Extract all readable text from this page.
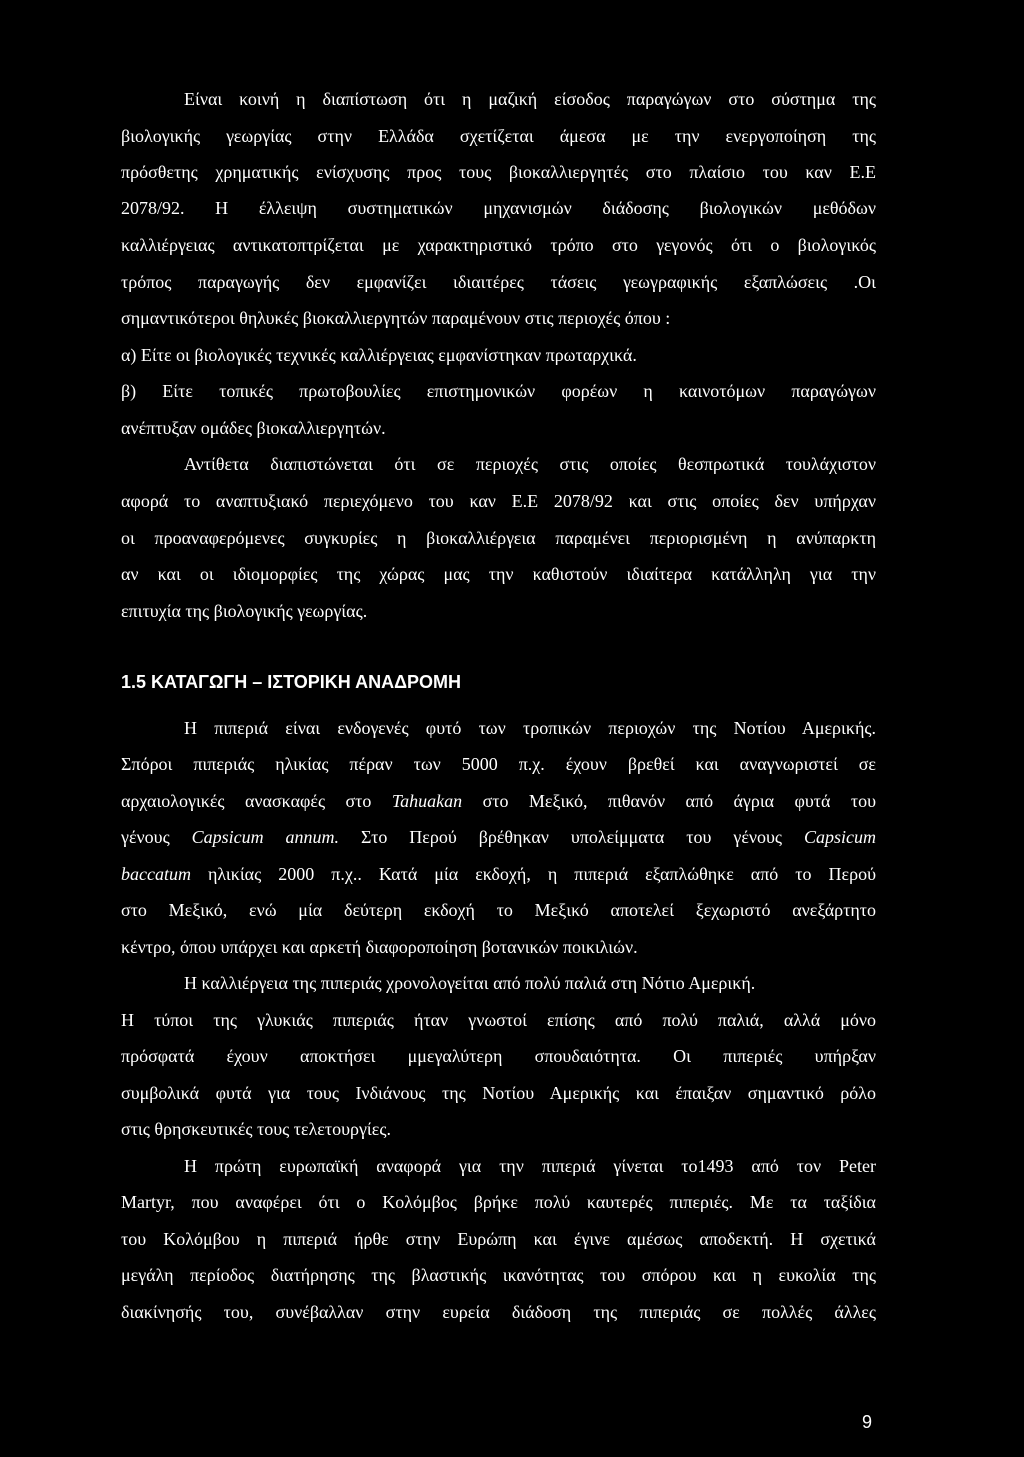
Είναι κοινή η διαπίστωση ότι η μαζική είσοδος παραγώγων στο σύστημα της
βιολογικής γεωργίας στην Ελλάδα σχετίζεται άμεσα με την ενεργοποίηση της
πρόσθετης χρηματικής ενίσχυσης προς τους βιοκαλλιεργητές στο πλαίσιο του καν Ε.Ε
2078/92. Η έλλειψη συστηματικών μηχανισμών διάδοσης βιολογικών μεθόδων
καλλιέργειας αντικατοπτρίζεται με χαρακτηριστικό τρόπο στο γεγονός ότι ο βιολογικός
τρόπος παραγωγής δεν εμφανίζει ιδιαιτέρες τάσεις γεωγραφικής εξαπλώσεις .Οι
σημαντικότεροι θηλυκές βιοκαλλιεργητών παραμένουν στις περιοχές όπου :
α) Είτε οι βιολογικές τεχνικές καλλιέργειας εμφανίστηκαν πρωταρχικά.
β) Είτε τοπικές πρωτοβουλίες επιστημονικών φορέων η καινοτόμων παραγώγων
ανέπτυξαν ομάδες βιοκαλλιεργητών.
Αντίθετα διαπιστώνεται ότι σε περιοχές στις οποίες θεσπρωτικά τουλάχιστον
αφορά το αναπτυξιακό περιεχόμενο του καν Ε.Ε 2078/92 και στις οποίες δεν υπήρχαν
οι προαναφερόμενες συγκυρίες η βιοκαλλιέργεια παραμένει περιορισμένη η ανύπαρκτη
αν και οι ιδιομορφίες της χώρας μας την καθιστούν ιδιαίτερα κατάλληλη για την
επιτυχία της βιολογικής γεωργίας.
1.5 ΚΑΤΑΓΩΓΗ – ΙΣΤΟΡΙΚΗ ΑΝΑΔΡΟΜΗ
Η πιπεριά είναι ενδογενές φυτό των τροπικών περιοχών της Νοτίου Αμερικής.
Σπόροι πιπεριάς ηλικίας πέραν των 5000 π.χ. έχουν βρεθεί και αναγνωριστεί σε
αρχαιολογικές ανασκαφές στο Tahuakan στο Μεξικό, πιθανόν από άγρια φυτά του
γένους Capsicum annum. Στο Περού βρέθηκαν υπολείμματα του γένους Capsicum
baccatum ηλικίας 2000 π.χ.. Κατά μία εκδοχή, η πιπεριά εξαπλώθηκε από το Περού
στο Μεξικό, ενώ μία δεύτερη εκδοχή το Μεξικό αποτελεί ξεχωριστό ανεξάρτητο
κέντρο, όπου υπάρχει και αρκετή διαφοροποίηση βοτανικών ποικιλιών.
Η καλλιέργεια της πιπεριάς χρονολογείται από πολύ παλιά στη Νότιο Αμερική.
Η τύποι της γλυκιάς πιπεριάς ήταν γνωστοί επίσης από πολύ παλιά, αλλά μόνο
πρόσφατά έχουν αποκτήσει μμεγαλύτερη σπουδαιότητα. Οι πιπεριές υπήρξαν
συμβολικά φυτά για τους Ινδιάνους της Νοτίου Αμερικής και έπαιξαν σημαντικό ρόλο
στις θρησκευτικές τους τελετουργίες.
Η πρώτη ευρωπαϊκή αναφορά για την πιπεριά γίνεται το1493 από τον Peter
Martyr, που αναφέρει ότι ο Κολόμβος βρήκε πολύ καυτερές πιπεριές. Με τα ταξίδια
του Κολόμβου η πιπεριά ήρθε στην Ευρώπη και έγινε αμέσως αποδεκτή. Η σχετικά
μεγάλη περίοδος διατήρησης της βλαστικής ικανότητας του σπόρου και η ευκολία της
διακίνησής του, συνέβαλλαν στην ευρεία διάδοση της πιπεριάς σε πολλές άλλες
9
